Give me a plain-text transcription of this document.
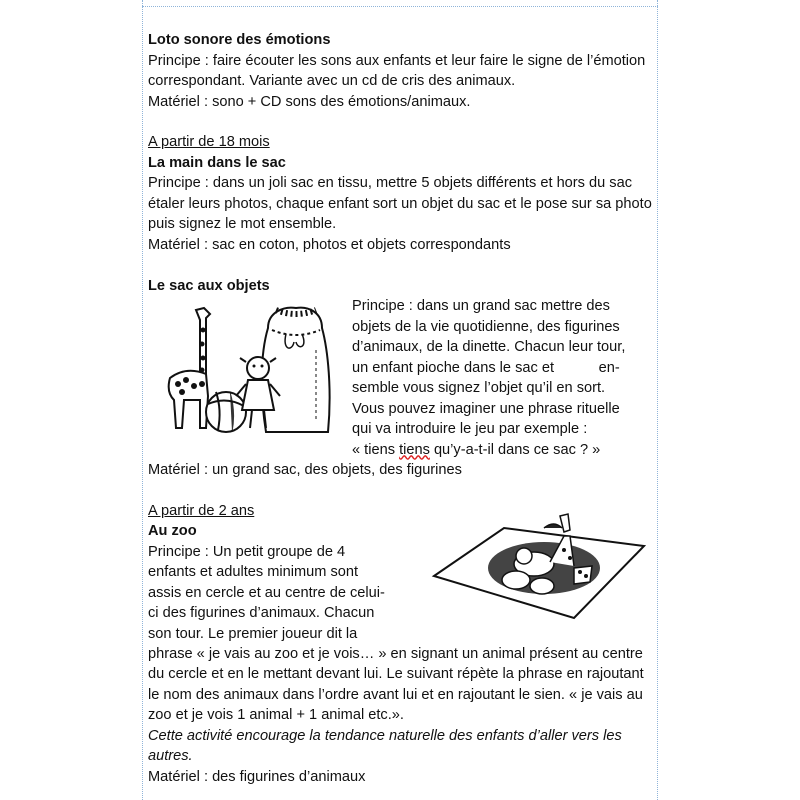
Loto sonore des émotions

Principe : faire écouter les sons aux enfants et leur faire le signe de l’émotion correspondant. Variante avec un cd de cris des animaux.

Matériel : sono + CD sons des émotions/animaux.

A partir de 18 mois

La main dans le sac

Principe : dans un joli sac en tissu, mettre 5 objets différents et hors du sac étaler leurs photos, chaque enfant sort un objet du sac et le pose sur sa photo puis signez le mot ensemble.

Matériel : sac en coton, photos et objets correspondants

Le sac aux objets

Principe : dans un grand sac mettre des

objets de la vie quotidienne, des figurines

d’animaux, de la dinette. Chacun leur tour,

un enfant pioche dans le sac et           en-

semble vous signez l’objet qu’il en sort.

Vous pouvez imaginer une phrase rituelle

qui va introduire le jeu par exemple :

« tiens tiens qu’y-a-t-il dans ce sac ? »

Matériel : un grand sac, des objets, des figurines

A partir de 2 ans

Au zoo

Principe : Un petit groupe de 4

enfants et adultes minimum sont

assis en cercle et au centre de celui-

ci des figurines d’animaux. Chacun

son tour. Le premier joueur dit la

phrase « je vais au zoo et je vois… » en signant un animal présent au centre du cercle et en le mettant devant lui. Le suivant répète la phrase en rajoutant le nom des animaux dans l’ordre avant lui et en rajoutant le sien. « je vais au zoo et je vois 1 animal + 1 animal etc.».

Cette activité encourage la tendance naturelle des enfants d’aller vers les autres.

Matériel : des figurines d’animaux
